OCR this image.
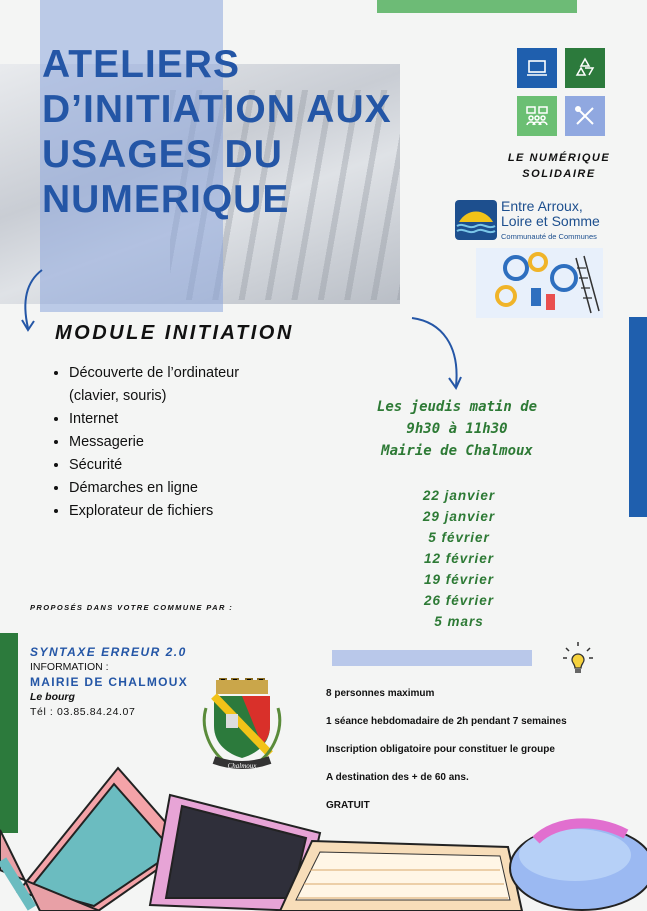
ATELIERS
D’INITIATION AUX
USAGES DU
NUMERIQUE
LE NUMÉRIQUE
SOLIDAIRE
Entre Arroux,
Loire et Somme
Communauté de Communes
MODULE INITIATION
• Découverte de l’ordinateur (clavier, souris)
• Internet
• Messagerie
• Sécurité
• Démarches en ligne
• Explorateur de fichiers
Les jeudis matin de
9h30 à 11h30
Mairie de Chalmoux
22 janvier
29 janvier
5 février
12 février
19 février
26 février
5 mars
PROPOSÉS DANS VOTRE COMMUNE PAR :
SYNTAXE ERREUR 2.0
INFORMATION :
MAIRIE DE CHALMOUX
Le bourg
Tél : 03.85.84.24.07
Chalmoux
8 personnes maximum
1 séance hebdomadaire de 2h pendant 7 semaines
Inscription obligatoire pour constituer le groupe
A destination des + de 60 ans.
GRATUIT
